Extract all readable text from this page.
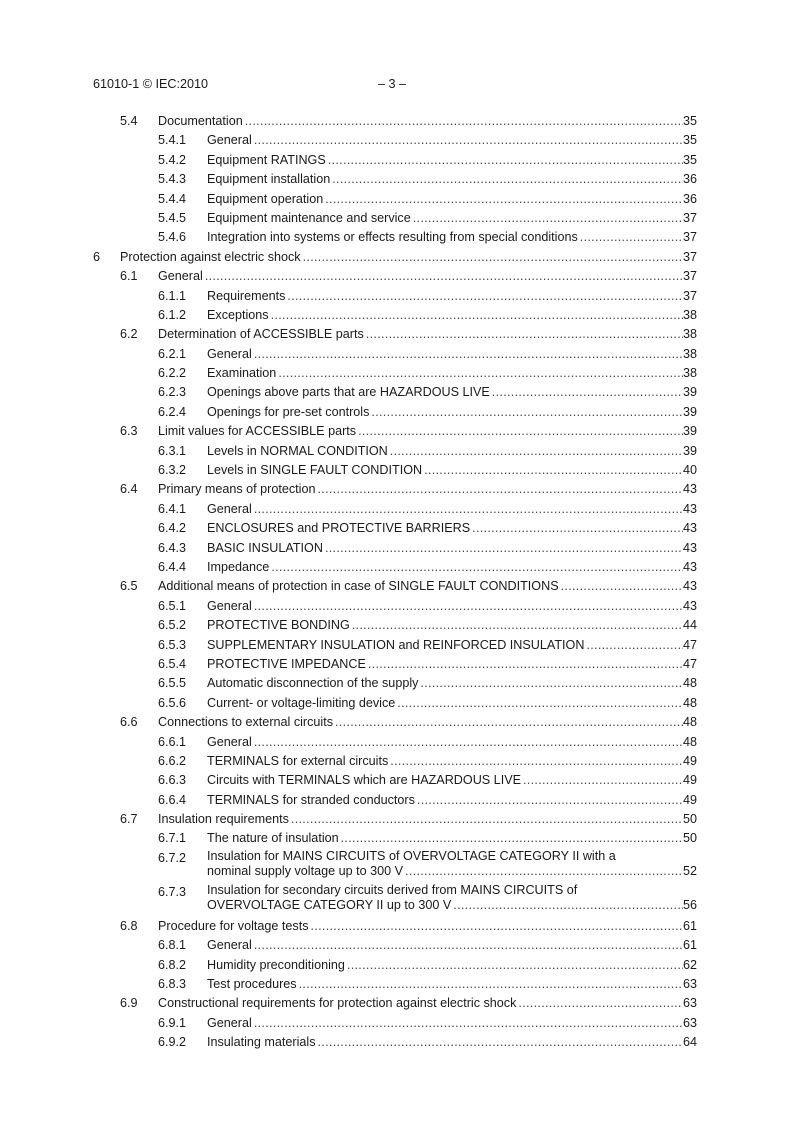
61010-1 © IEC:2010	– 3 –
5.4 Documentation . . .	35
5.4.1 General . . .	35
5.4.2 Equipment RATINGS . . .	35
5.4.3 Equipment installation . . .	36
5.4.4 Equipment operation . . .	36
5.4.5 Equipment maintenance and service . . .	37
5.4.6 Integration into systems or effects resulting from special conditions . . .	37
6 Protection against electric shock . . .	37
6.1 General . . .	37
6.1.1 Requirements . . .	37
6.1.2 Exceptions . . .	38
6.2 Determination of ACCESSIBLE parts . . .	38
6.2.1 General . . .	38
6.2.2 Examination . . .	38
6.2.3 Openings above parts that are HAZARDOUS LIVE . . .	39
6.2.4 Openings for pre-set controls . . .	39
6.3 Limit values for ACCESSIBLE parts . . .	39
6.3.1 Levels in NORMAL CONDITION . . .	39
6.3.2 Levels in SINGLE FAULT CONDITION . . .	40
6.4 Primary means of protection . . .	43
6.4.1 General . . .	43
6.4.2 ENCLOSURES and PROTECTIVE BARRIERS . . .	43
6.4.3 BASIC INSULATION . . .	43
6.4.4 Impedance . . .	43
6.5 Additional means of protection in case of SINGLE FAULT CONDITIONS . . .	43
6.5.1 General . . .	43
6.5.2 PROTECTIVE BONDING . . .	44
6.5.3 SUPPLEMENTARY INSULATION and REINFORCED INSULATION . . .	47
6.5.4 PROTECTIVE IMPEDANCE . . .	47
6.5.5 Automatic disconnection of the supply . . .	48
6.5.6 Current- or voltage-limiting device . . .	48
6.6 Connections to external circuits . . .	48
6.6.1 General . . .	48
6.6.2 TERMINALS for external circuits . . .	49
6.6.3 Circuits with TERMINALS which are HAZARDOUS LIVE . . .	49
6.6.4 TERMINALS for stranded conductors . . .	49
6.7 Insulation requirements . . .	50
6.7.1 The nature of insulation . . .	50
6.7.2 Insulation for MAINS CIRCUITS of OVERVOLTAGE CATEGORY II with a
nominal supply voltage up to 300 V . . .	52
6.7.3 Insulation for secondary circuits derived from MAINS CIRCUITS of
OVERVOLTAGE CATEGORY II up to 300 V . . .	56
6.8 Procedure for voltage tests . . .	61
6.8.1 General . . .	61
6.8.2 Humidity preconditioning . . .	62
6.8.3 Test procedures . . .	63
6.9 Constructional requirements for protection against electric shock . . .	63
6.9.1 General . . .	63
6.9.2 Insulating materials . . .	64
